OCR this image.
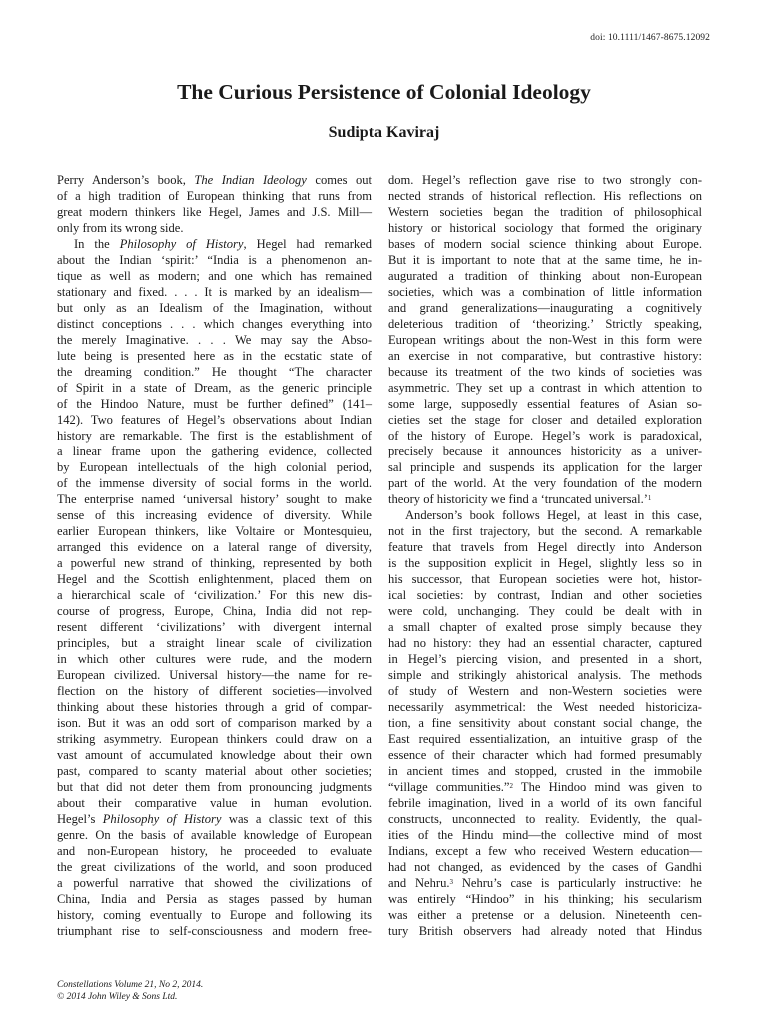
doi: 10.1111/1467-8675.12092
The Curious Persistence of Colonial Ideology
Sudipta Kaviraj
Perry Anderson’s book, The Indian Ideology comes out
of a high tradition of European thinking that runs from
great modern thinkers like Hegel, James and J.S. Mill—
only from its wrong side.
In the Philosophy of History, Hegel had remarked
about the Indian ‘spirit:’ “India is a phenomenon an-
tique as well as modern; and one which has remained
stationary and fixed. . . . It is marked by an idealism—
but only as an Idealism of the Imagination, without
distinct conceptions . . . which changes everything into
the merely Imaginative. . . . We may say the Abso-
lute being is presented here as in the ecstatic state of
the dreaming condition.” He thought “The character
of Spirit in a state of Dream, as the generic principle
of the Hindoo Nature, must be further defined” (141–
142). Two features of Hegel’s observations about Indian
history are remarkable. The first is the establishment of
a linear frame upon the gathering evidence, collected
by European intellectuals of the high colonial period,
of the immense diversity of social forms in the world.
The enterprise named ‘universal history’ sought to make
sense of this increasing evidence of diversity. While
earlier European thinkers, like Voltaire or Montesquieu,
arranged this evidence on a lateral range of diversity,
a powerful new strand of thinking, represented by both
Hegel and the Scottish enlightenment, placed them on
a hierarchical scale of ‘civilization.’ For this new dis-
course of progress, Europe, China, India did not rep-
resent different ‘civilizations’ with divergent internal
principles, but a straight linear scale of civilization
in which other cultures were rude, and the modern
European civilized. Universal history—the name for re-
flection on the history of different societies—involved
thinking about these histories through a grid of compar-
ison. But it was an odd sort of comparison marked by a
striking asymmetry. European thinkers could draw on a
vast amount of accumulated knowledge about their own
past, compared to scanty material about other societies;
but that did not deter them from pronouncing judgments
about their comparative value in human evolution.
Hegel’s Philosophy of History was a classic text of this
genre. On the basis of available knowledge of European
and non-European history, he proceeded to evaluate
the great civilizations of the world, and soon produced
a powerful narrative that showed the civilizations of
China, India and Persia as stages passed by human
history, coming eventually to Europe and following its
triumphant rise to self-consciousness and modern free-
dom. Hegel’s reflection gave rise to two strongly con-
nected strands of historical reflection. His reflections on
Western societies began the tradition of philosophical
history or historical sociology that formed the originary
bases of modern social science thinking about Europe.
But it is important to note that at the same time, he in-
augurated a tradition of thinking about non-European
societies, which was a combination of little information
and grand generalizations—inaugurating a cognitively
deleterious tradition of ‘theorizing.’ Strictly speaking,
European writings about the non-West in this form were
an exercise in not comparative, but contrastive history:
because its treatment of the two kinds of societies was
asymmetric. They set up a contrast in which attention to
some large, supposedly essential features of Asian so-
cieties set the stage for closer and detailed exploration
of the history of Europe. Hegel’s work is paradoxical,
precisely because it announces historicity as a univer-
sal principle and suspends its application for the larger
part of the world. At the very foundation of the modern
theory of historicity we find a ‘truncated universal.’$^1$
Anderson’s book follows Hegel, at least in this case,
not in the first trajectory, but the second. A remarkable
feature that travels from Hegel directly into Anderson
is the supposition explicit in Hegel, slightly less so in
his successor, that European societies were hot, histor-
ical societies: by contrast, Indian and other societies
were cold, unchanging. They could be dealt with in
a small chapter of exalted prose simply because they
had no history: they had an essential character, captured
in Hegel’s piercing vision, and presented in a short,
simple and strikingly ahistorical analysis. The methods
of study of Western and non-Western societies were
necessarily asymmetrical: the West needed historiciza-
tion, a fine sensitivity about constant social change, the
East required essentialization, an intuitive grasp of the
essence of their character which had formed presumably
in ancient times and stopped, crusted in the immobile
“village communities.”$^2$ The Hindoo mind was given to
febrile imagination, lived in a world of its own fanciful
constructs, unconnected to reality. Evidently, the qual-
ities of the Hindu mind—the collective mind of most
Indians, except a few who received Western education—
had not changed, as evidenced by the cases of Gandhi
and Nehru.$^3$ Nehru’s case is particularly instructive: he
was entirely “Hindoo” in his thinking; his secularism
was either a pretense or a delusion. Nineteenth cen-
tury British observers had already noted that Hindus
Constellations Volume 21, No 2, 2014.
© 2014 John Wiley & Sons Ltd.
